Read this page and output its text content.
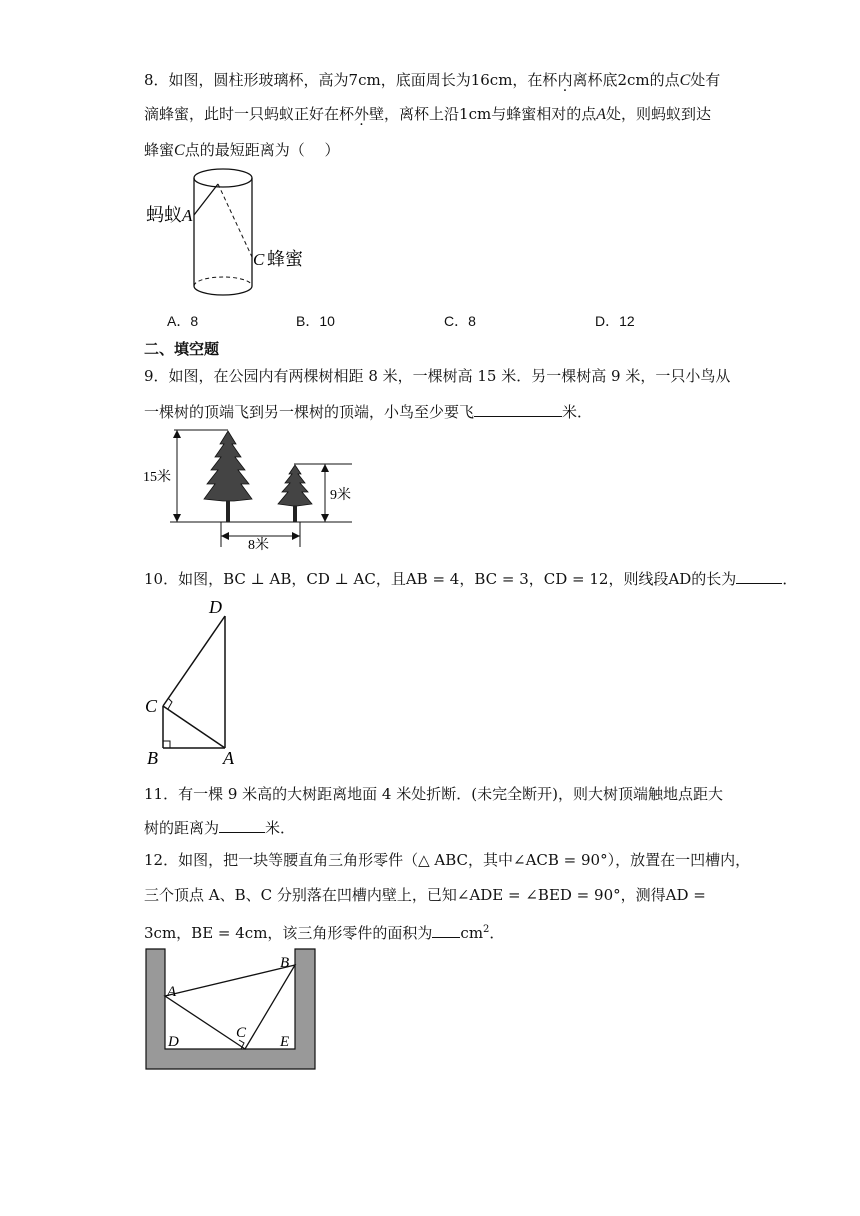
8．如图，圆柱形玻璃杯，高为7cm，底面周长为16cm，在杯内离杯底2cm的点C处有
滴蜂蜜，此时一只蚂蚁正好在杯外壁，离杯上沿1cm与蜂蜜相对的点A处，则蚂蚁到达
蜂蜜C点的最短距离为（　 ）
蚂蚁 A
C 蜂蜜
A．8	B．10	C．8	D．12
二、填空题
9．如图，在公园内有两棵树相距 8 米，一棵树高 15 米．另一棵树高 9 米，一只小鸟从
一棵树的顶端飞到另一棵树的顶端，小鸟至少要飞	米．
15米
9米
8米
10．如图，BC ⊥ AB，CD ⊥ AC，且AB = 4，BC = 3，CD = 12，则线段AD的长为	．
D
C
B	A
11．有一棵 9 米高的大树距离地面 4 米处折断．(未完全断开)，则大树顶端触地点距大
树的距离为	米．
12．如图，把一块等腰直角三角形零件（△ ABC，其中∠ACB = 90°），放置在一凹槽内，
三个顶点 A、B、C 分别落在凹槽内壁上，已知∠ADE = ∠BED = 90°，测得AD =
3cm，BE = 4cm，该三角形零件的面积为 $cm^2$．
A
B
C
D	E
